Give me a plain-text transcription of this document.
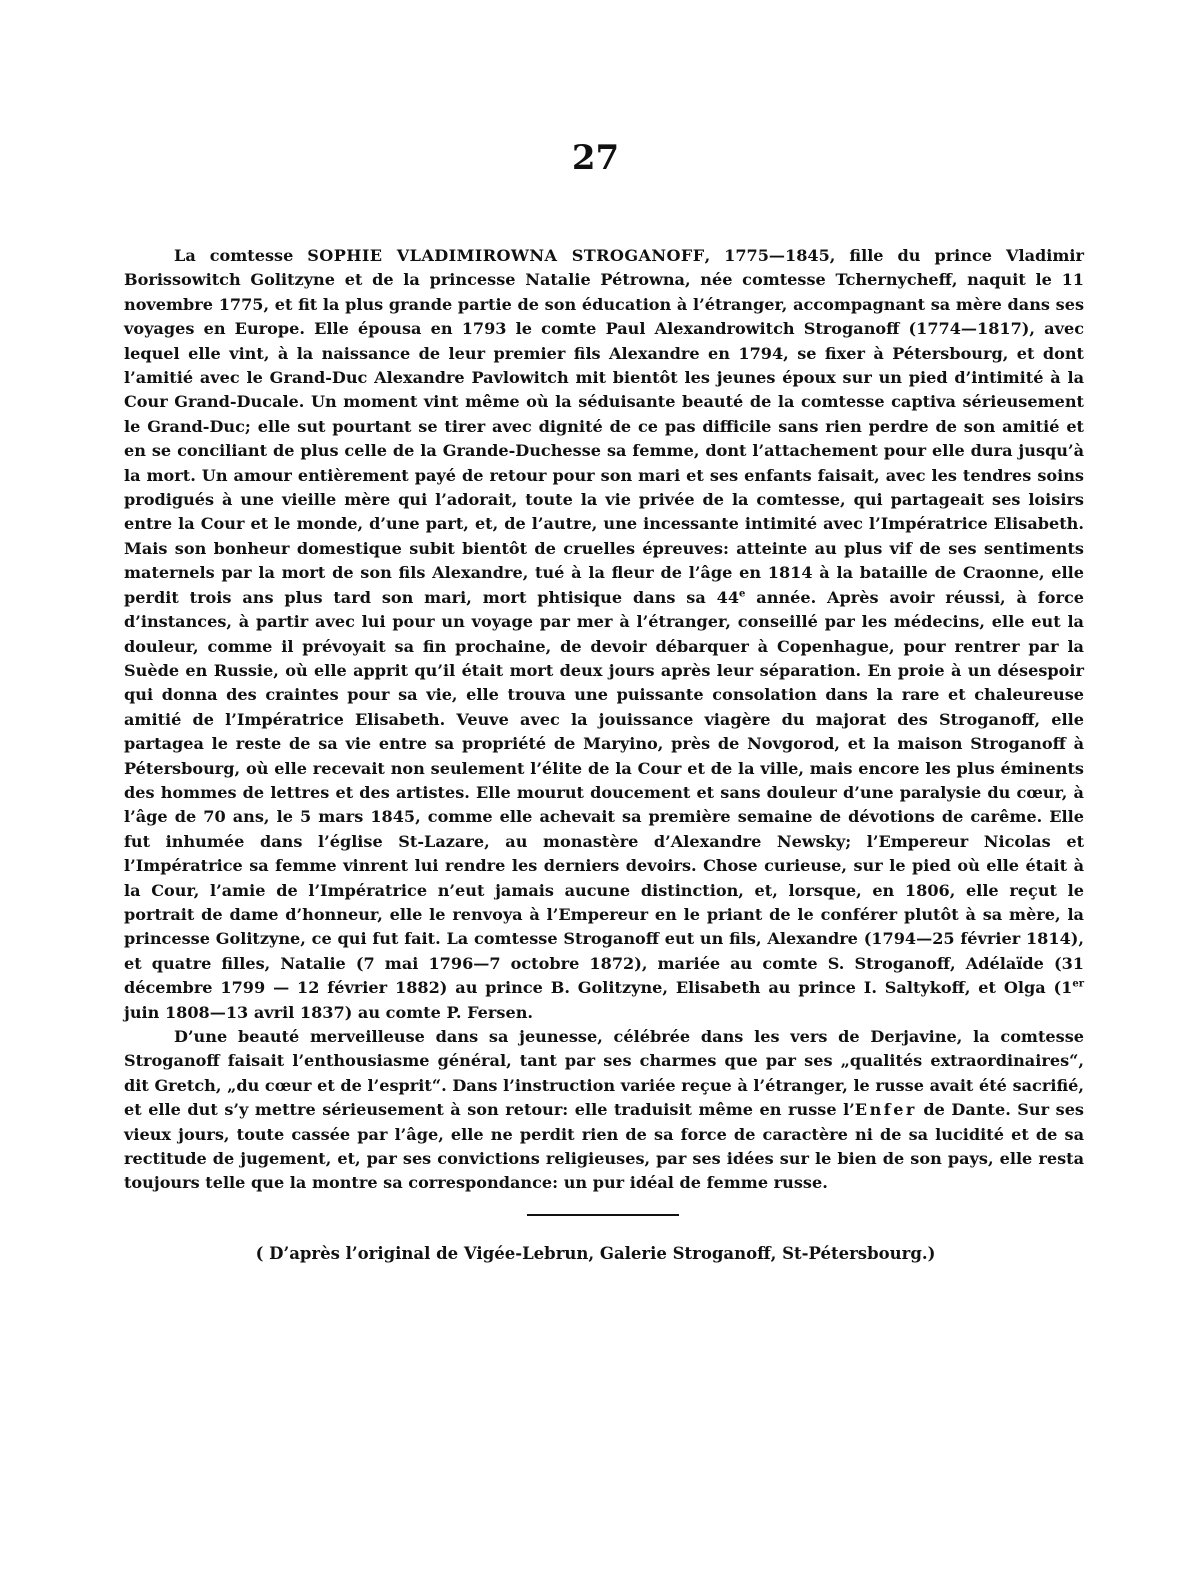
27

La comtesse SOPHIE VLADIMIROWNA STROGANOFF, 1775—1845, fille du prince Vladimir Borissowitch Golitzyne et de la princesse Natalie Pétrowna, née comtesse Tchernycheff, naquit le 11 novembre 1775, et fit la plus grande partie de son éducation à l’étranger, accompagnant sa mère dans ses voyages en Europe. Elle épousa en 1793 le comte Paul Alexandrowitch Stroganoff (1774—1817), avec lequel elle vint, à la naissance de leur premier fils Alexandre en 1794, se fixer à Pétersbourg, et dont l’amitié avec le Grand-Duc Alexandre Pavlowitch mit bientôt les jeunes époux sur un pied d’intimité à la Cour Grand-Ducale. Un moment vint même où la séduisante beauté de la comtesse captiva sérieusement le Grand-Duc; elle sut pourtant se tirer avec dignité de ce pas difficile sans rien perdre de son amitié et en se conciliant de plus celle de la Grande-Duchesse sa femme, dont l’attachement pour elle dura jusqu’à la mort. Un amour entièrement payé de retour pour son mari et ses enfants faisait, avec les tendres soins prodigués à une vieille mère qui l’adorait, toute la vie privée de la comtesse, qui partageait ses loisirs entre la Cour et le monde, d’une part, et, de l’autre, une incessante intimité avec l’Impératrice Elisabeth. Mais son bonheur domestique subit bientôt de cruelles épreuves: atteinte au plus vif de ses sentiments maternels par la mort de son fils Alexandre, tué à la fleur de l’âge en 1814 à la bataille de Craonne, elle perdit trois ans plus tard son mari, mort phtisique dans sa 44e année. Après avoir réussi, à force d’instances, à partir avec lui pour un voyage par mer à l’étranger, conseillé par les médecins, elle eut la douleur, comme il prévoyait sa fin prochaine, de devoir débarquer à Copenhague, pour rentrer par la Suède en Russie, où elle apprit qu’il était mort deux jours après leur séparation. En proie à un désespoir qui donna des craintes pour sa vie, elle trouva une puissante consolation dans la rare et chaleureuse amitié de l’Impératrice Elisabeth. Veuve avec la jouissance viagère du majorat des Stroganoff, elle partagea le reste de sa vie entre sa propriété de Maryino, près de Novgorod, et la maison Stroganoff à Pétersbourg, où elle recevait non seulement l’élite de la Cour et de la ville, mais encore les plus éminents des hommes de lettres et des artistes. Elle mourut doucement et sans douleur d’une paralysie du cœur, à l’âge de 70 ans, le 5 mars 1845, comme elle achevait sa première semaine de dévotions de carême. Elle fut inhumée dans l’église St-Lazare, au monastère d’Alexandre Newsky; l’Empereur Nicolas et l’Impératrice sa femme vinrent lui rendre les derniers devoirs. Chose curieuse, sur le pied où elle était à la Cour, l’amie de l’Impératrice n’eut jamais aucune distinction, et, lorsque, en 1806, elle reçut le portrait de dame d’honneur, elle le renvoya à l’Empereur en le priant de le conférer plutôt à sa mère, la princesse Golitzyne, ce qui fut fait. La comtesse Stroganoff eut un fils, Alexandre (1794—25 février 1814), et quatre filles, Natalie (7 mai 1796—7 octobre 1872), mariée au comte S. Stroganoff, Adélaïde (31 décembre 1799 — 12 février 1882) au prince B. Golitzyne, Elisabeth au prince I. Saltykoff, et Olga (1er juin 1808—13 avril 1837) au comte P. Fersen.

D’une beauté merveilleuse dans sa jeunesse, célébrée dans les vers de Derjavine, la comtesse Stroganoff faisait l’enthousiasme général, tant par ses charmes que par ses „qualités extraordinaires“, dit Gretch, „du cœur et de l’esprit“. Dans l’instruction variée reçue à l’étranger, le russe avait été sacrifié, et elle dut s’y mettre sérieusement à son retour: elle traduisit même en russe l’Enfer de Dante. Sur ses vieux jours, toute cassée par l’âge, elle ne perdit rien de sa force de caractère ni de sa lucidité et de sa rectitude de jugement, et, par ses convictions religieuses, par ses idées sur le bien de son pays, elle resta toujours telle que la montre sa correspondance: un pur idéal de femme russe.

( D’après l’original de Vigée-Lebrun, Galerie Stroganoff, St-Pétersbourg.)
